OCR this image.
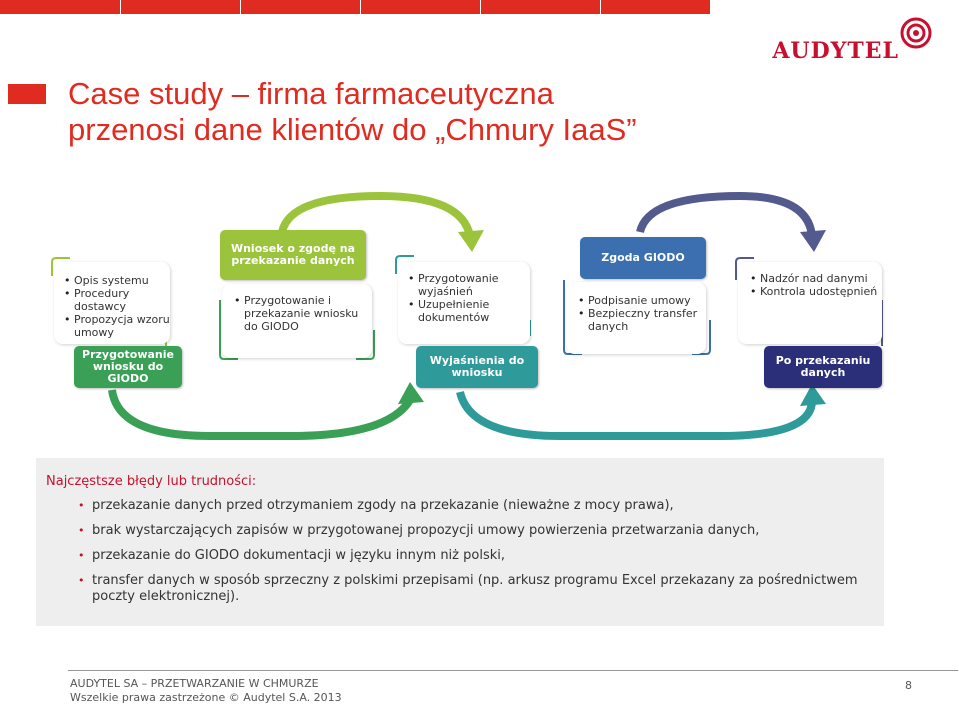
AUDYTEL
Case study – firma farmaceutyczna
przenosi dane klientów do „Chmury IaaS”
• Opis systemu
• Procedury dostawcy
• Propozycja wzoru umowy
Przygotowanie wniosku do GIODO
Wniosek o zgodę na przekazanie danych
• Przygotowanie i przekazanie wniosku do GIODO
• Przygotowanie wyjaśnień
• Uzupełnienie dokumentów
Wyjaśnienia do wniosku
Zgoda GIODO
• Podpisanie umowy
• Bezpieczny transfer danych
• Nadzór nad danymi
• Kontrola udostępnień
Po przekazaniu danych
Najczęstsze błędy lub trudności:
• przekazanie danych przed otrzymaniem zgody na przekazanie (nieważne z mocy prawa),
• brak wystarczających zapisów w przygotowanej propozycji umowy powierzenia przetwarzania danych,
• przekazanie do GIODO dokumentacji w języku innym niż polski,
• transfer danych w sposób sprzeczny z polskimi przepisami (np. arkusz programu Excel przekazany za pośrednictwem poczty elektronicznej).
AUDYTEL SA – PRZETWARZANIE W CHMURZE
Wszelkie prawa zastrzeżone © Audytel S.A. 2013
8
